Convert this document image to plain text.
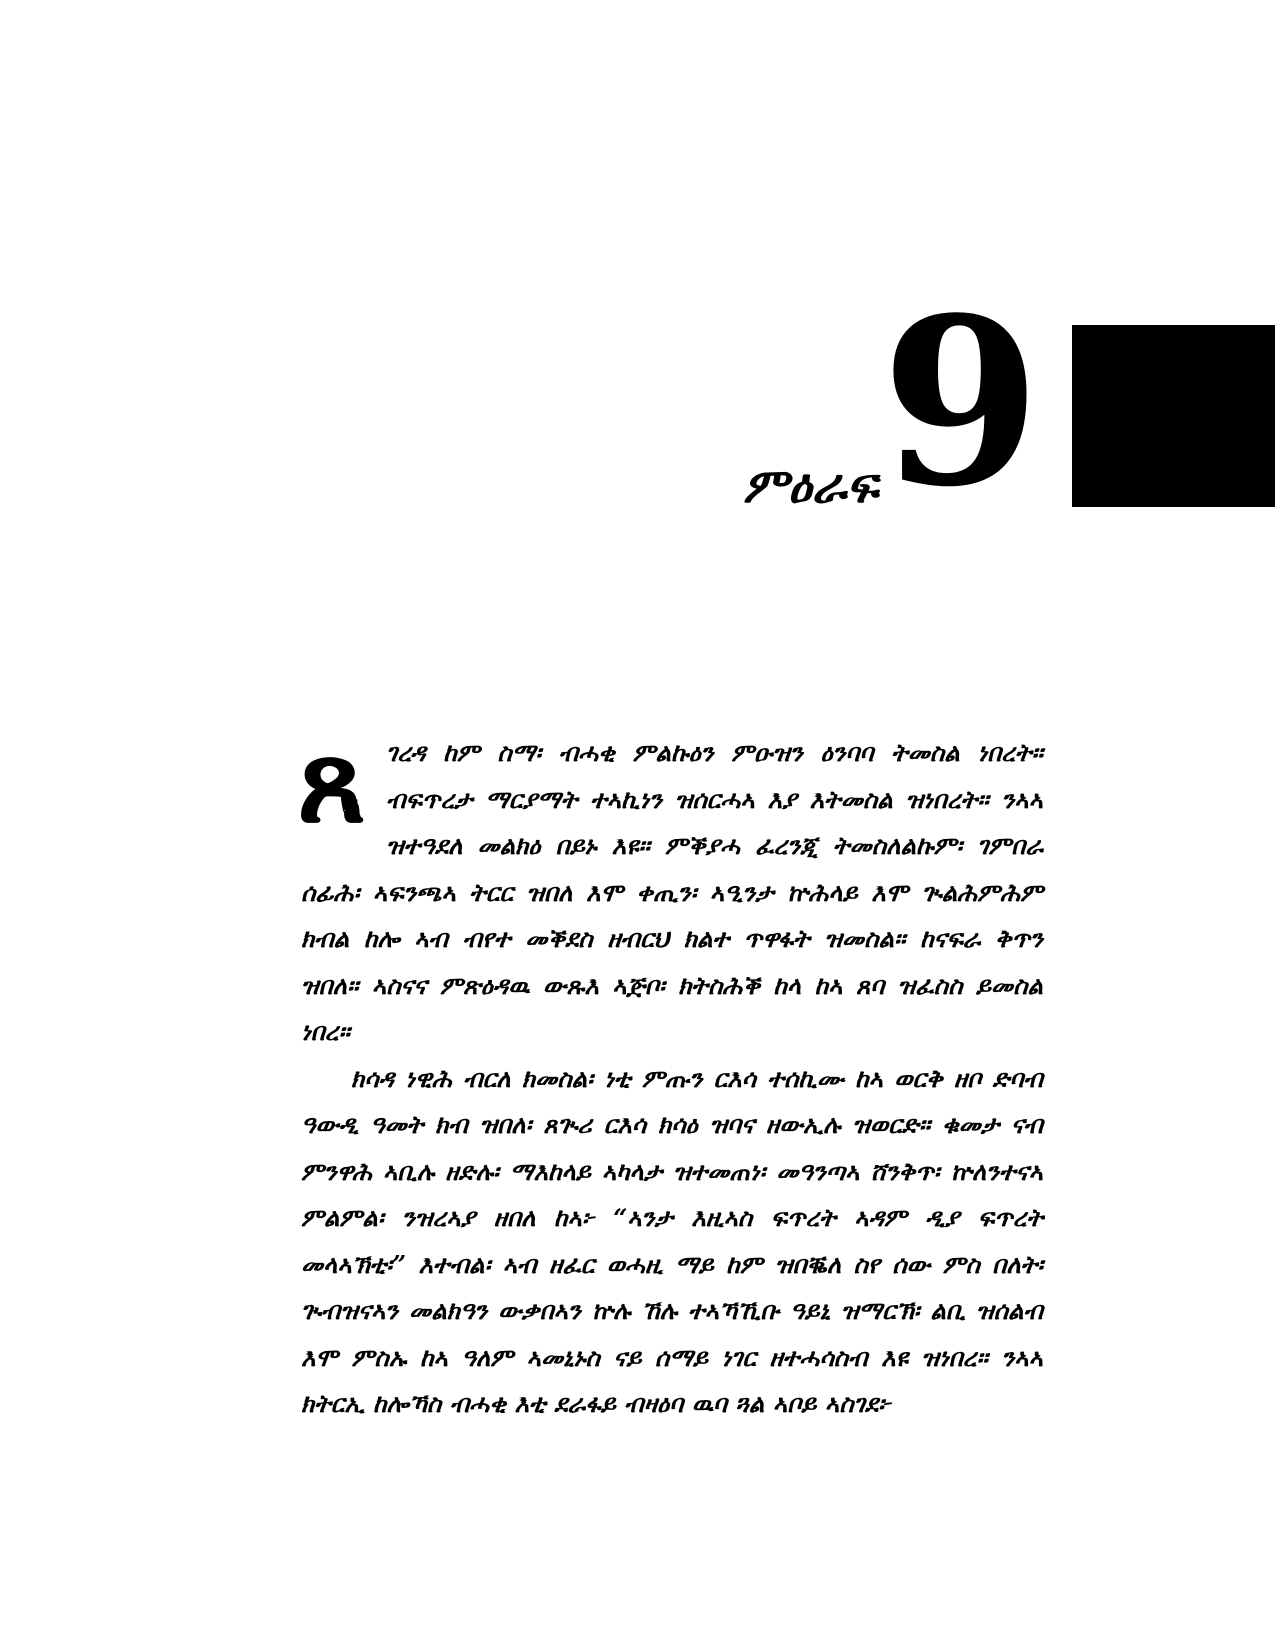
9
ምዕራፍ

ጸገረዳ ከም ስማ፡ ብሓቂ ምልኩዕን ምዑዝን ዕንባባ ትመስል ነበረት። ብፍጥረታ ማርያማት ተኣኪነን ዝሰርሓኣ እያ እትመስል ዝነበረት። ንኣኣ ዝተዓደለ መልክዕ በይኑ እዩ። ምቕያሓ ፈረንጂ ትመስለልኩም፡ ገምበራ ሰፊሕ፡ ኣፍንጫኣ ትርር ዝበለ እሞ ቀጢን፡ ኣዒንታ ኵሕላይ እሞ ጒልሕምሕም ክብል ከሎ ኣብ ብየተ መቕደስ ዘብርህ ክልተ ጥዋፋት ዝመስል። ከናፍራ ቅጥን ዝበለ። ኣስናና ምጽዕዳዉ ውጹእ ኣጅቦ፡ ክትስሕቕ ከላ ከኣ ጸባ ዝፈስስ ይመስል ነበረ።

ክሳዳ ነዊሕ ብርለ ክመስል፡ ነቲ ምጡን ርእሳ ተሰኪሙ ከኣ ወርቅ ዘቦ ድባብ ዓውዲ ዓመት ክብ ዝበለ፡ ጸጒሪ ርእሳ ክሳዕ ዝባና ዘውኢሉ ዝወርድ። ቁመታ ናብ ምንዋሕ ኣቢሉ ዘድሉ፡ ማእከላይ ኣካላታ ዝተመጠነ፡ መዓንጣኣ ሸንቅጥ፡ ኵለንተናኣ ምልምል፡ ንዝረኣያ ዘበለ ከኣ፦ “ኣንታ እዚኣስ ፍጥረት ኣዳም ዲያ ፍጥረት መላኣኽቲ፡” እተብል፡ ኣብ ዘፈር ወሓዚ ማይ ከም ዝበቘለ ስየ ሰው ምስ በለት፡ ጒብዝናኣን መልክዓን ውቃበኣን ኵሉ ኸሉ ተኣኻኺቡ ዓይኒ ዝማርኽ፡ ልቢ ዝሰልብ እሞ ምስኡ ከኣ ዓለም ኣመኒኑስ ናይ ሰማይ ነገር ዘተሓሳስብ እዩ ዝነበረ። ንኣኣ ክትርኢ ከሎኻስ ብሓቂ እቲ ደራፋይ ብዛዕባ ዉባ ጓል ኣቦይ ኣስገደ፦
